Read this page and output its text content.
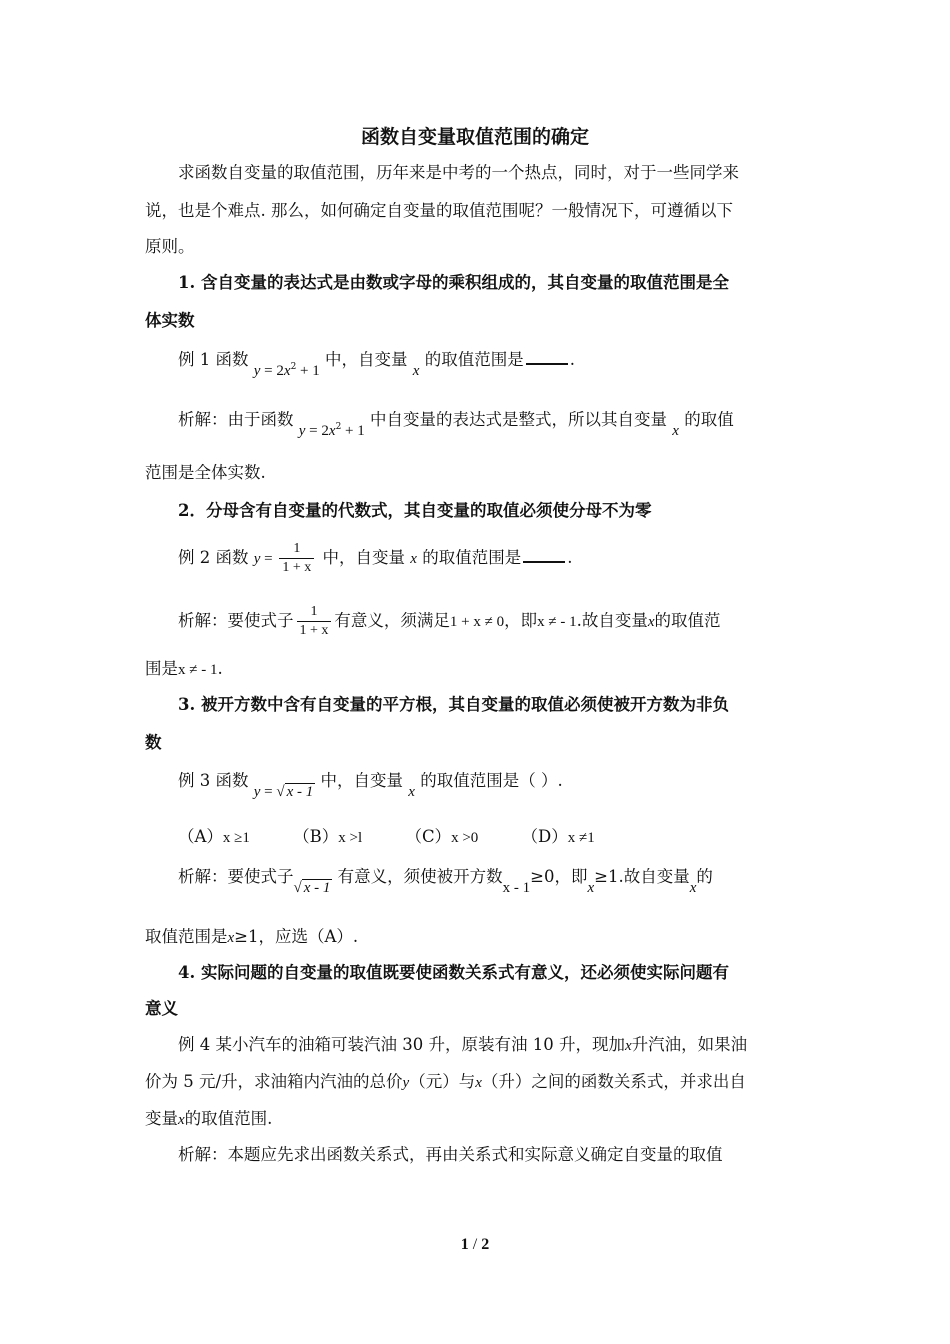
函数自变量取值范围的确定
求函数自变量的取值范围，历年来是中考的一个热点，同时，对于一些同学来
说，也是个难点. 那么，如何确定自变量的取值范围呢？一般情况下，可遵循以下
原则。
1. 含自变量的表达式是由数或字母的乘积组成的，其自变量的取值范围是全
体实数
例 1 函数 $y = 2x^2 + 1$ 中，自变量 x 的取值范围是	.
析解：由于函数 $y = 2x^2 + 1$ 中自变量的表达式是整式，所以其自变量 x 的取值
范围是全体实数.
2．分母含有自变量的代数式，其自变量的取值必须使分母不为零
例 2 函数 $y = \frac{1}{1 + x}$ 中，自变量 x 的取值范围是	.
析解：要使式子 $\frac{1}{1 + x}$ 有意义，须满足1 + x ≠ 0，即x ≠ - 1.故自变量x的取值范
围是x ≠ - 1.
3. 被开方数中含有自变量的平方根，其自变量的取值必须使被开方数为非负
数
例 3 函数 y = √ x - 1 中，自变量 x 的取值范围是（ ）.
（A）x ≥1	（B）x >l	（C）x >0	（D）x ≠1
析解：要使式子√ x - 1 有意义，须使被开方数x - 1≥0，即x≥1.故自变量x的
取值范围是x≥1，应选（A）.
4. 实际问题的自变量的取值既要使函数关系式有意义，还必须使实际问题有
意义
例 4 某小汽车的油箱可装汽油 30 升，原装有油 10 升，现加x升汽油，如果油
价为 5 元/升，求油箱内汽油的总价y（元）与x（升）之间的函数关系式，并求出自
变量x的取值范围.
析解：本题应先求出函数关系式，再由关系式和实际意义确定自变量的取值
1 / 2
